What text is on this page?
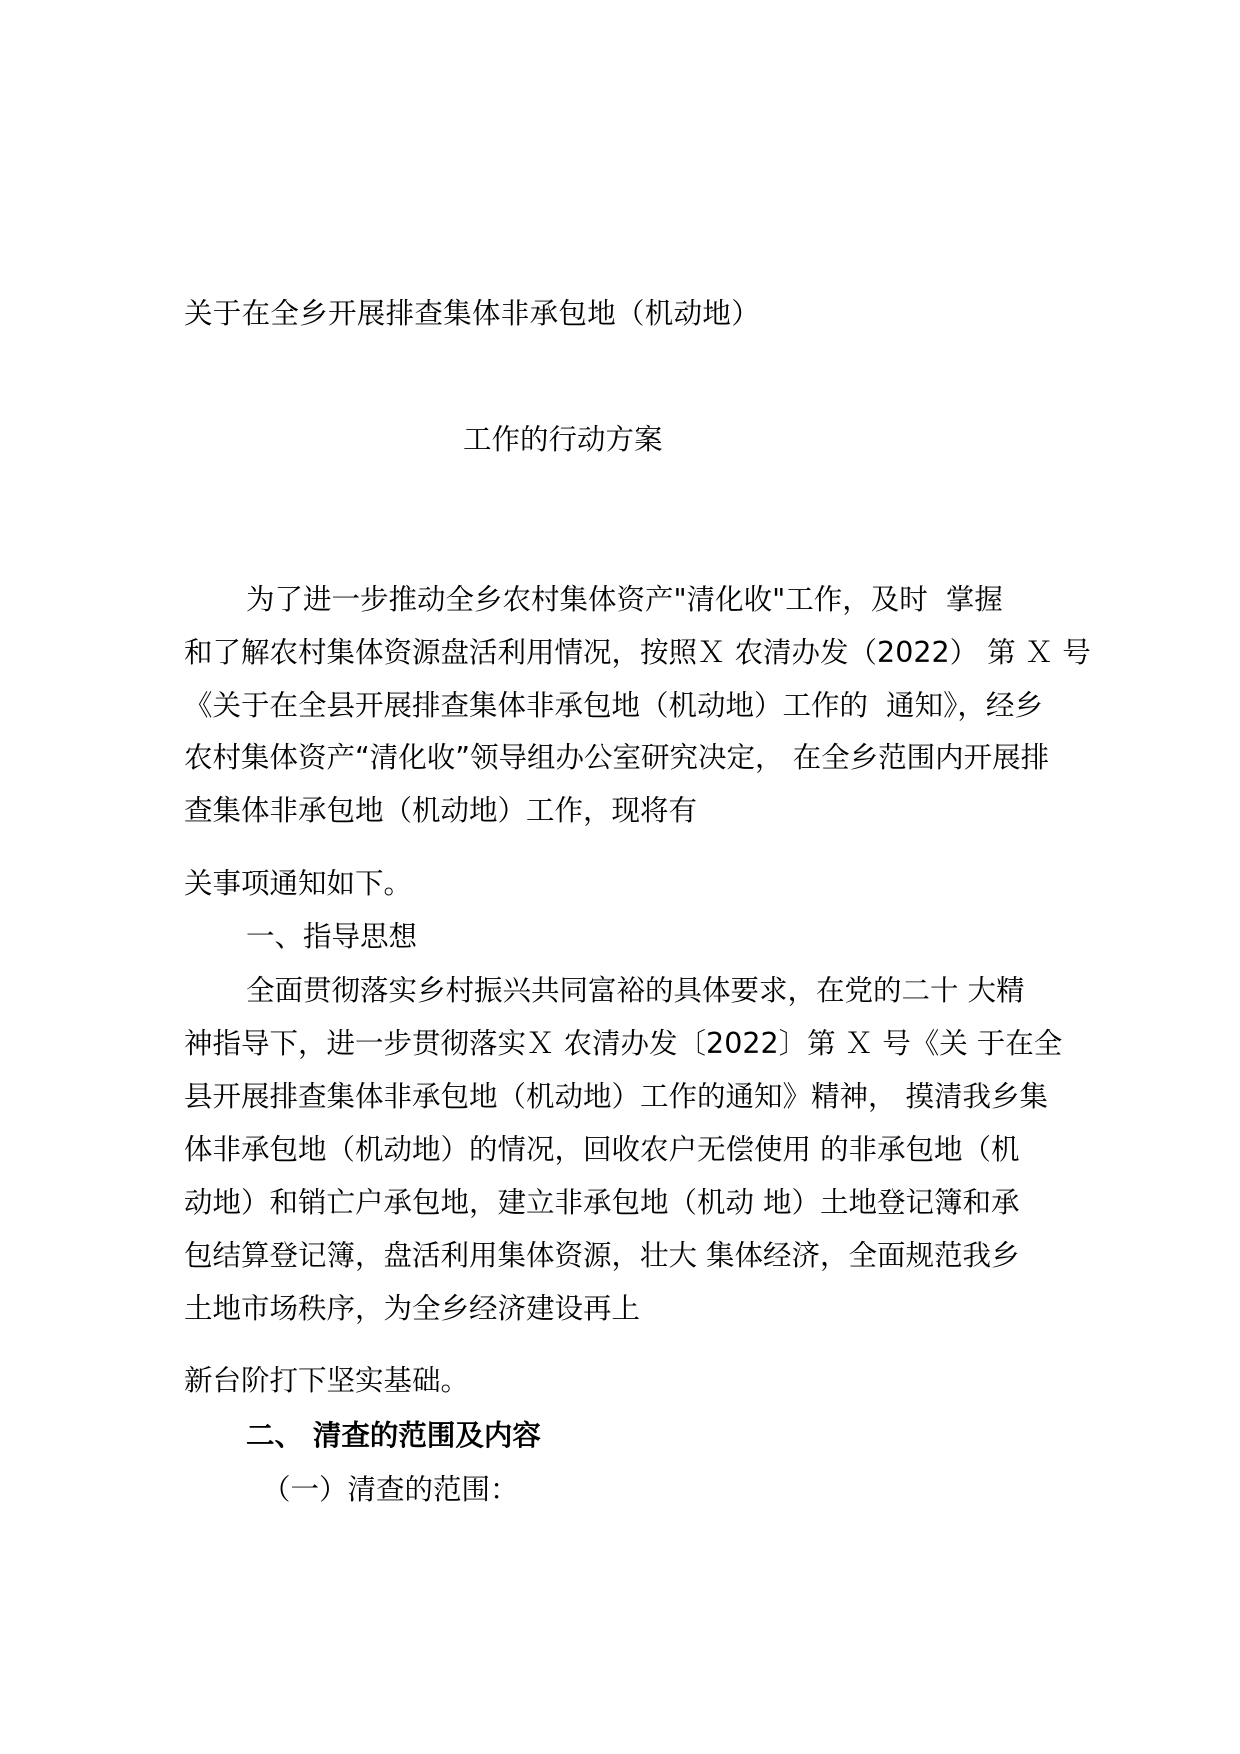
关于在全乡开展排查集体非承包地（机动地）
工作的行动方案
为了进一步推动全乡农村集体资产"清化收"工作，及时  掌握
和了解农村集体资源盘活利用情况，按照Ｘ 农清办发（2022） 第 Ｘ 号
《关于在全县开展排查集体非承包地（机动地）工作的  通知》，经乡
农村集体资产“清化收”领导组办公室研究决定， 在全乡范围内开展排
查集体非承包地（机动地）工作，现将有
关事项通知如下。
一、指导思想
全面贯彻落实乡村振兴共同富裕的具体要求，在党的二十 大精
神指导下，进一步贯彻落实Ｘ 农清办发〔2022〕第 Ｘ 号《关 于在全
县开展排查集体非承包地（机动地）工作的通知》精神， 摸清我乡集
体非承包地（机动地）的情况，回收农户无偿使用 的非承包地（机
动地）和销亡户承包地，建立非承包地（机动 地）土地登记簿和承
包结算登记簿，盘活利用集体资源，壮大 集体经济，全面规范我乡
土地市场秩序，为全乡经济建设再上
新台阶打下坚实基础。
二、 清查的范围及内容
（一）清查的范围：
